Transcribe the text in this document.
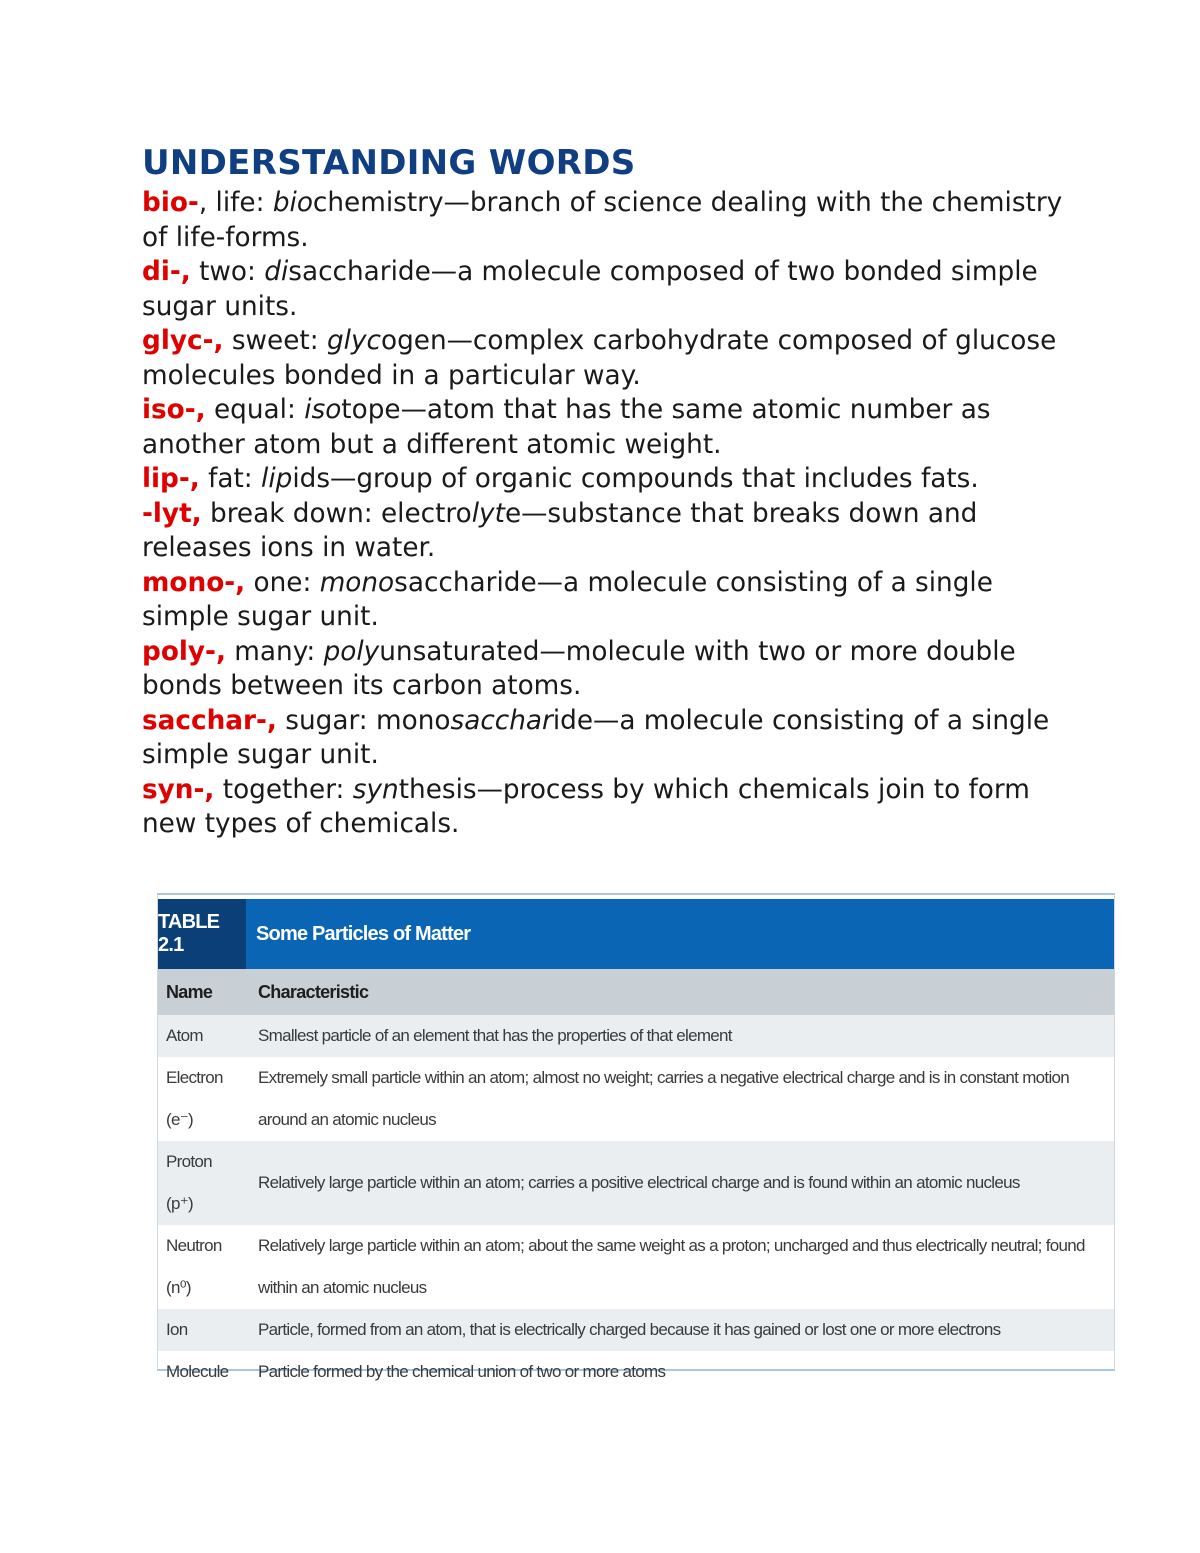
UNDERSTANDING WORDS

bio-, life: biochemistry—branch of science dealing with the chemistry of life-forms.

di-, two: disaccharide—a molecule composed of two bonded simple sugar units.

glyc-, sweet: glycogen—complex carbohydrate composed of glucose molecules bonded in a particular way.

iso-, equal: isotope—atom that has the same atomic number as another atom but a different atomic weight.

lip-, fat: lipids—group of organic compounds that includes fats.

-lyt, break down: electrolyte—substance that breaks down and releases ions in water.

mono-, one: monosaccharide—a molecule consisting of a single simple sugar unit.

poly-, many: polyunsaturated—molecule with two or more double bonds between its carbon atoms.

sacchar-, sugar: monosaccharide—a molecule consisting of a single simple sugar unit.

syn-, together: synthesis—process by which chemicals join to form new types of chemicals.

TABLE 2.1
Some Particles of Matter
Name	Characteristic
Atom	Smallest particle of an element that has the properties of that element
Electron (e⁻)	Extremely small particle within an atom; almost no weight; carries a negative electrical charge and is in constant motion around an atomic nucleus
Proton (p⁺)	Relatively large particle within an atom; carries a positive electrical charge and is found within an atomic nucleus
Neutron (n⁰)	Relatively large particle within an atom; about the same weight as a proton; uncharged and thus electrically neutral; found within an atomic nucleus
Ion	Particle, formed from an atom, that is electrically charged because it has gained or lost one or more electrons
Molecule	Particle formed by the chemical union of two or more atoms
